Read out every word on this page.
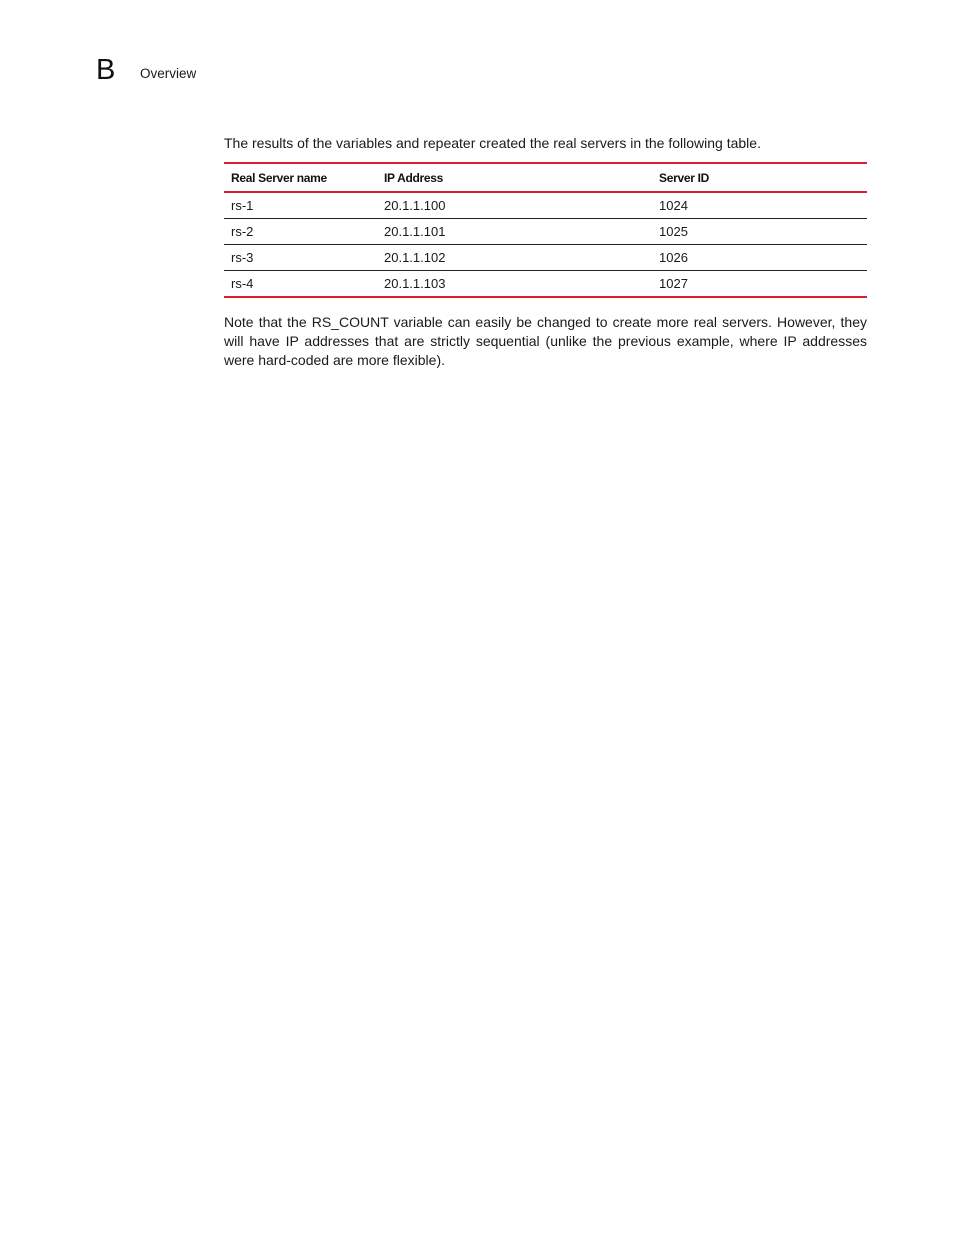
B Overview

The results of the variables and repeater created the real servers in the following table.

Real Server name	IP Address	Server ID
rs-1	20.1.1.100	1024
rs-2	20.1.1.101	1025
rs-3	20.1.1.102	1026
rs-4	20.1.1.103	1027

Note that the RS_COUNT variable can easily be changed to create more real servers. However, they will have IP addresses that are strictly sequential (unlike the previous example, where IP addresses were hard-coded are more flexible).
